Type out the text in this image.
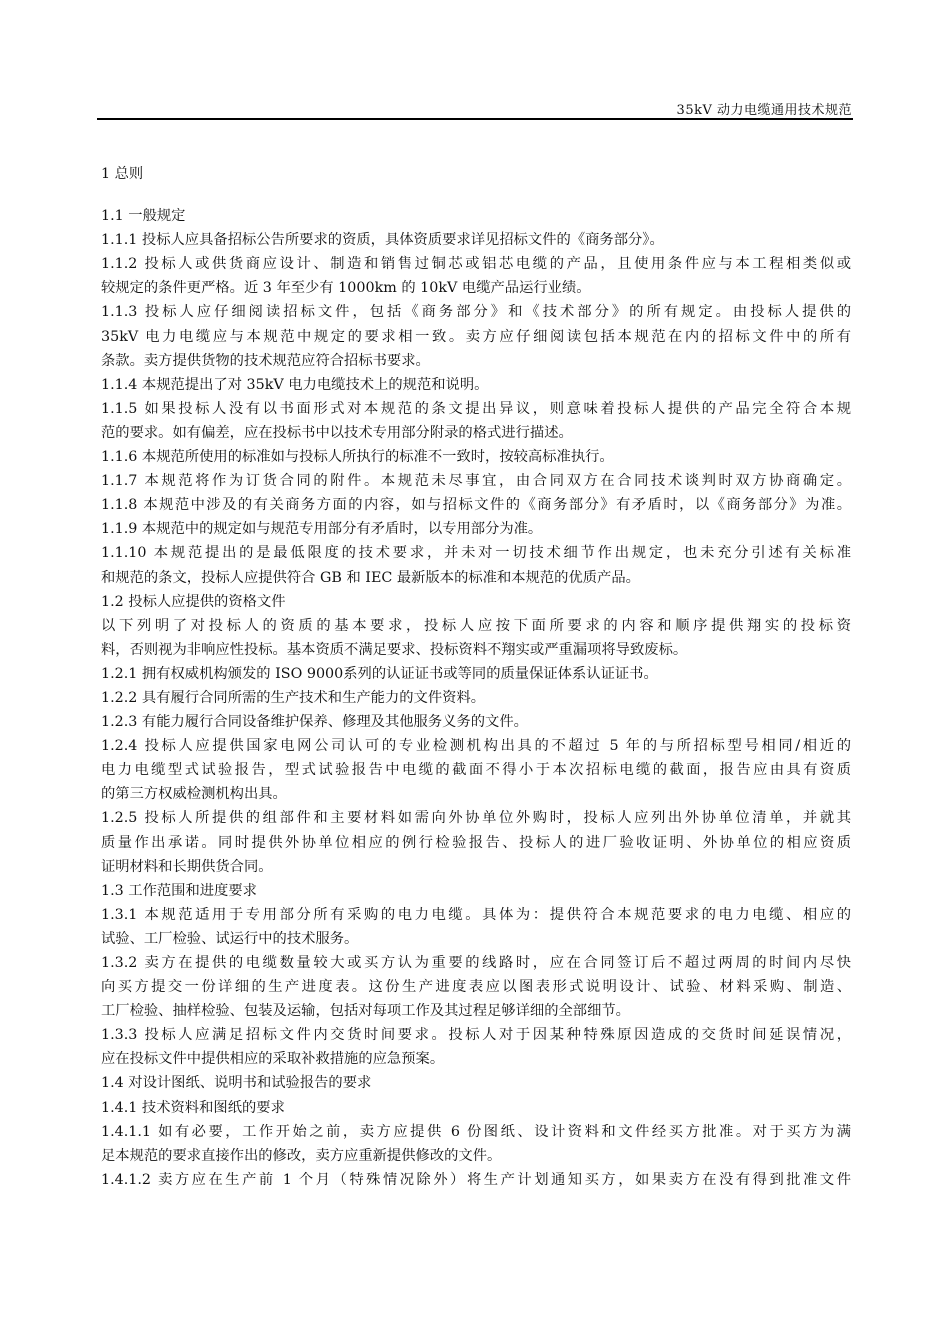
35kV 动力电缆通用技术规范
1 总则
1.1 一般规定
1.1.1 投标人应具备招标公告所要求的资质，具体资质要求详见招标文件的《商务部分》。
1.1.2 投标人或供货商应设计、制造和销售过铜芯或铝芯电缆的产品，且使用条件应与本工程相类似或
较规定的条件更严格。近 3 年至少有 1000km 的 10kV 电缆产品运行业绩。
1.1.3 投标人应仔细阅读招标文件，包括《商务部分》和《技术部分》的所有规定。由投标人提供的
35kV 电力电缆应与本规范中规定的要求相一致。卖方应仔细阅读包括本规范在内的招标文件中的所有
条款。卖方提供货物的技术规范应符合招标书要求。
1.1.4 本规范提出了对 35kV 电力电缆技术上的规范和说明。
1.1.5 如果投标人没有以书面形式对本规范的条文提出异议，则意味着投标人提供的产品完全符合本规
范的要求。如有偏差，应在投标书中以技术专用部分附录的格式进行描述。
1.1.6 本规范所使用的标准如与投标人所执行的标准不一致时，按较高标准执行。
1.1.7 本规范将作为订货合同的附件。本规范未尽事宜，由合同双方在合同技术谈判时双方协商确定。
1.1.8 本规范中涉及的有关商务方面的内容，如与招标文件的《商务部分》有矛盾时，以《商务部分》为准。
1.1.9 本规范中的规定如与规范专用部分有矛盾时，以专用部分为准。
1.1.10 本规范提出的是最低限度的技术要求，并未对一切技术细节作出规定，也未充分引述有关标准
和规范的条文，投标人应提供符合 GB 和 IEC 最新版本的标准和本规范的优质产品。
1.2 投标人应提供的资格文件
以下列明了对投标人的资质的基本要求，投标人应按下面所要求的内容和顺序提供翔实的投标资
料，否则视为非响应性投标。基本资质不满足要求、投标资料不翔实或严重漏项将导致废标。
1.2.1 拥有权威机构颁发的 ISO 9000系列的认证证书或等同的质量保证体系认证证书。
1.2.2 具有履行合同所需的生产技术和生产能力的文件资料。
1.2.3 有能力履行合同设备维护保养、修理及其他服务义务的文件。
1.2.4 投标人应提供国家电网公司认可的专业检测机构出具的不超过 5 年的与所招标型号相同/相近的
电力电缆型式试验报告，型式试验报告中电缆的截面不得小于本次招标电缆的截面，报告应由具有资质
的第三方权威检测机构出具。
1.2.5 投标人所提供的组部件和主要材料如需向外协单位外购时，投标人应列出外协单位清单，并就其
质量作出承诺。同时提供外协单位相应的例行检验报告、投标人的进厂验收证明、外协单位的相应资质
证明材料和长期供货合同。
1.3 工作范围和进度要求
1.3.1 本规范适用于专用部分所有采购的电力电缆。具体为：提供符合本规范要求的电力电缆、相应的
试验、工厂检验、试运行中的技术服务。
1.3.2 卖方在提供的电缆数量较大或买方认为重要的线路时，应在合同签订后不超过两周的时间内尽快
向买方提交一份详细的生产进度表。这份生产进度表应以图表形式说明设计、试验、材料采购、制造、
工厂检验、抽样检验、包装及运输，包括对每项工作及其过程足够详细的全部细节。
1.3.3 投标人应满足招标文件内交货时间要求。投标人对于因某种特殊原因造成的交货时间延误情况，
应在投标文件中提供相应的采取补救措施的应急预案。
1.4 对设计图纸、说明书和试验报告的要求
1.4.1 技术资料和图纸的要求
1.4.1.1 如有必要，工作开始之前，卖方应提供 6 份图纸、设计资料和文件经买方批准。对于买方为满
足本规范的要求直接作出的修改，卖方应重新提供修改的文件。
1.4.1.2 卖方应在生产前 1 个月（特殊情况除外）将生产计划通知买方，如果卖方在没有得到批准文件
